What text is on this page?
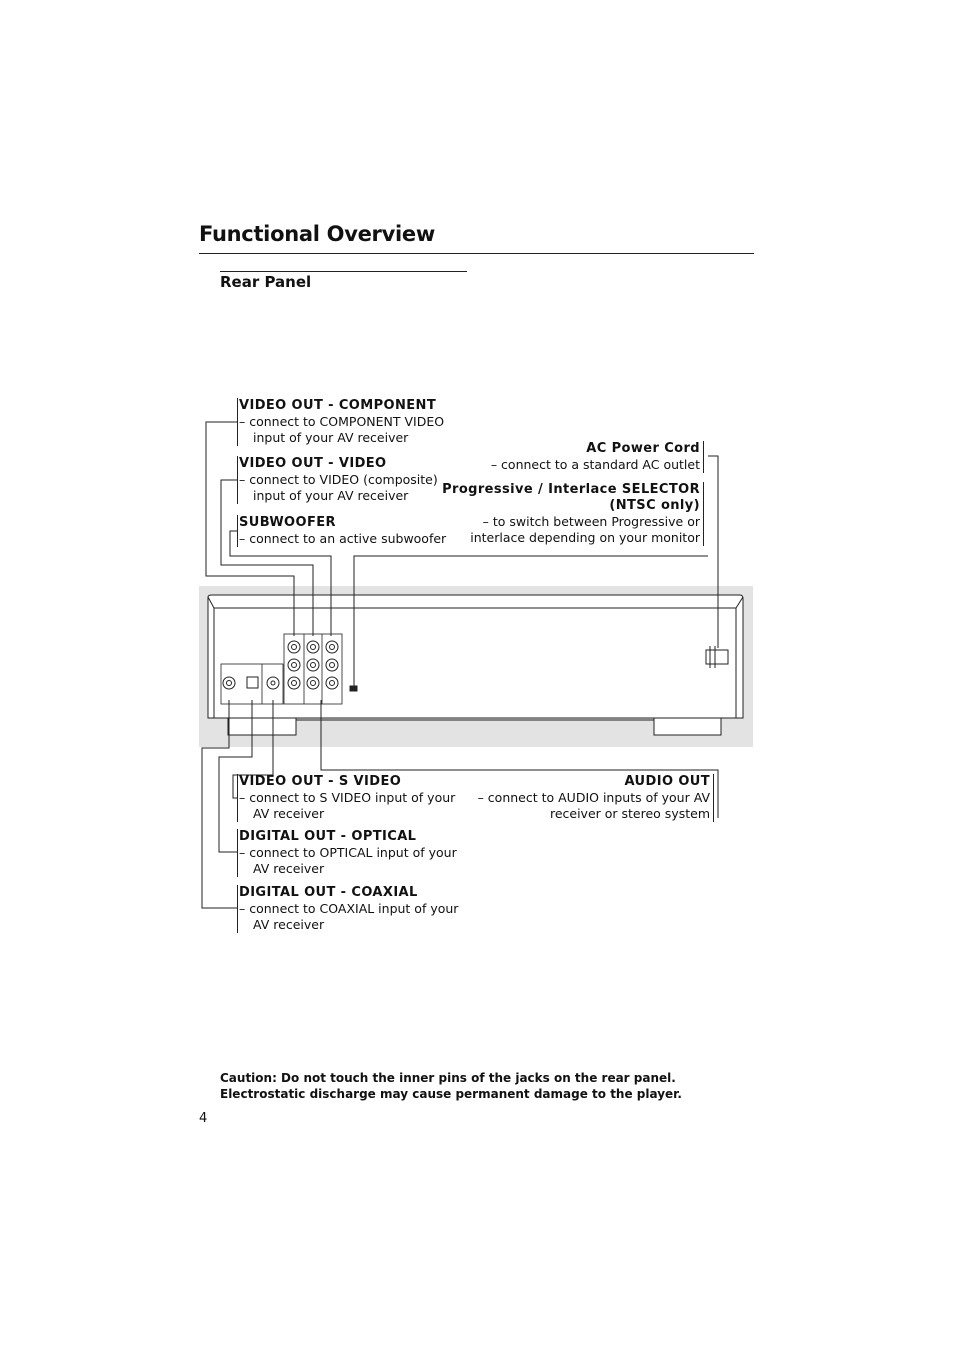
Functional Overview
Rear Panel
VIDEO OUT - COMPONENT
– connect to COMPONENT VIDEO
input of your AV receiver
VIDEO OUT - VIDEO
– connect to VIDEO (composite)
input of your AV receiver
SUBWOOFER
– connect to an active subwoofer
AC Power Cord
– connect to a standard AC outlet
Progressive / Interlace SELECTOR
(NTSC only)
– to switch between Progressive or
interlace depending on your monitor
VIDEO OUT - S VIDEO
– connect to S VIDEO input of your
AV receiver
AUDIO OUT
– connect to AUDIO inputs of your AV
receiver or stereo system
DIGITAL OUT - OPTICAL
– connect to OPTICAL input of your
AV receiver
DIGITAL OUT - COAXIAL
– connect to COAXIAL input of your
AV receiver
Caution: Do not touch the inner pins of the jacks on the rear panel.
Electrostatic discharge may cause permanent damage to the player.
4
